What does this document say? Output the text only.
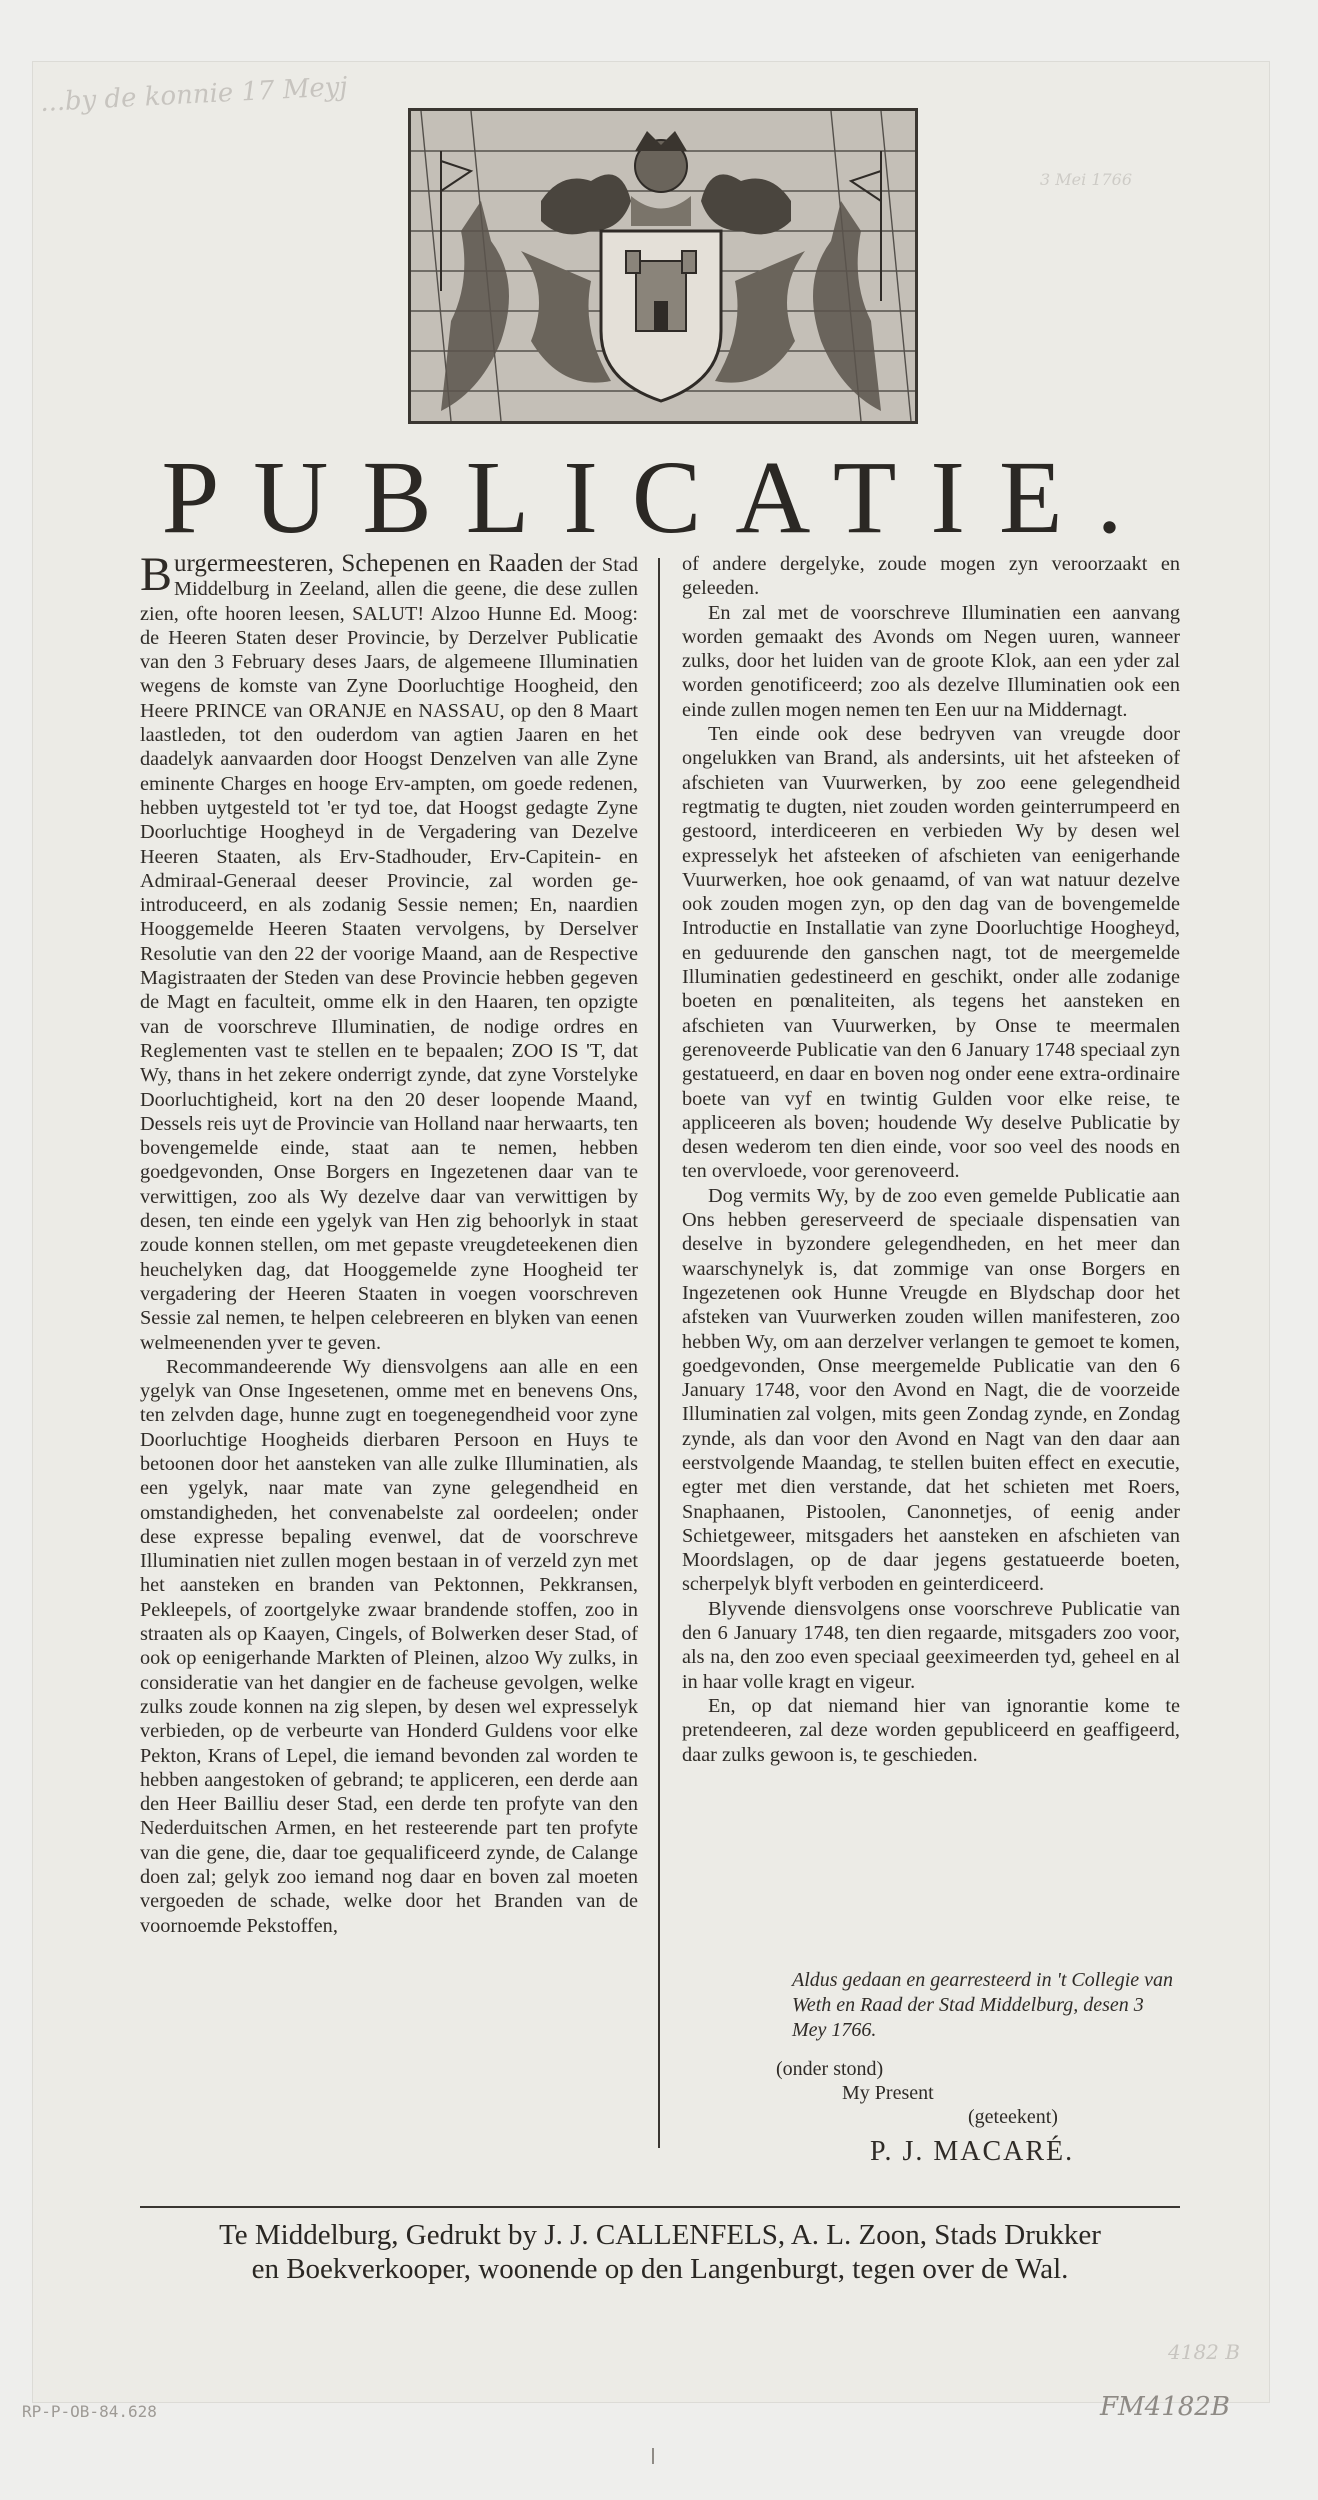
...by de konnie 17 Meyj
3 Mei 1766
PUBLICATIE.

Burgermeesteren, Schepenen en Raaden der Stad Middelburg in Zeeland, allen die geene, die dese zullen zien, ofte hooren leesen, SALUT! Alzoo Hunne Ed. Moog: de Heeren Staten deser Provincie, by Derzelver Publicatie van den 3 February deses Jaars, de algemeene Illuminatien wegens de komste van Zyne Doorluchtige Hoogheid, den Heere PRINCE van ORANJE en NASSAU, op den 8 Maart laastleden, tot den ouderdom van agtien Jaaren en het daadelyk aanvaarden door Hoogst Denzelven van alle Zyne eminente Charges en hooge Erv-ampten, om goede redenen, hebben uytgesteld tot 'er tyd toe, dat Hoogst gedagte Zyne Doorluchtige Hoogheyd in de Vergadering van Dezelve Heeren Staaten, als Erv-Stadhouder, Erv-Capitein- en Admiraal-Generaal deeser Provincie, zal worden ge-introduceerd, en als zodanig Sessie nemen; En, naardien Hooggemelde Heeren Staaten vervolgens, by Derselver Resolutie van den 22 der voorige Maand, aan de Respective Magistraaten der Steden van dese Provincie hebben gegeven de Magt en faculteit, omme elk in den Haaren, ten opzigte van de voorschreve Illuminatien, de nodige ordres en Reglementen vast te stellen en te bepaalen; ZOO IS 'T, dat Wy, thans in het zekere onderrigt zynde, dat zyne Vorstelyke Doorluchtigheid, kort na den 20 deser loopende Maand, Dessels reis uyt de Provincie van Holland naar herwaarts, ten bovengemelde einde, staat aan te nemen, hebben goedgevonden, Onse Borgers en Ingezetenen daar van te verwittigen, zoo als Wy dezelve daar van verwittigen by desen, ten einde een ygelyk van Hen zig behoorlyk in staat zoude konnen stellen, om met gepaste vreugdeteekenen dien heuchelyken dag, dat Hooggemelde zyne Hoogheid ter vergadering der Heeren Staaten in voegen voorschreven Sessie zal nemen, te helpen celebreeren en blyken van eenen welmeenenden yver te geven.

Recommandeerende Wy diensvolgens aan alle en een ygelyk van Onse Ingesetenen, omme met en benevens Ons, ten zelvden dage, hunne zugt en toegenegendheid voor zyne Doorluchtige Hoogheids dierbaren Persoon en Huys te betoonen door het aansteken van alle zulke Illuminatien, als een ygelyk, naar mate van zyne gelegendheid en omstandigheden, het convenabelste zal oordeelen; onder dese expresse bepaling evenwel, dat de voorschreve Illuminatien niet zullen mogen bestaan in of verzeld zyn met het aansteken en branden van Pektonnen, Pekkransen, Pekleepels, of zoortgelyke zwaar brandende stoffen, zoo in straaten als op Kaayen, Cingels, of Bolwerken deser Stad, of ook op eenigerhande Markten of Pleinen, alzoo Wy zulks, in consideratie van het dangier en de facheuse gevolgen, welke zulks zoude konnen na zig slepen, by desen wel expresselyk verbieden, op de verbeurte van Honderd Guldens voor elke Pekton, Krans of Lepel, die iemand bevonden zal worden te hebben aangestoken of gebrand; te appliceren, een derde aan den Heer Bailliu deser Stad, een derde ten profyte van den Nederduitschen Armen, en het resteerende part ten profyte van die gene, die, daar toe gequalificeerd zynde, de Calange doen zal; gelyk zoo iemand nog daar en boven zal moeten vergoeden de schade, welke door het Branden van de voornoemde Pekstoffen,

of andere dergelyke, zoude mogen zyn veroorzaakt en geleeden.

En zal met de voorschreve Illuminatien een aanvang worden gemaakt des Avonds om Negen uuren, wanneer zulks, door het luiden van de groote Klok, aan een yder zal worden genotificeerd; zoo als dezelve Illuminatien ook een einde zullen mogen nemen ten Een uur na Middernagt.

Ten einde ook dese bedryven van vreugde door ongelukken van Brand, als andersints, uit het afsteeken of afschieten van Vuurwerken, by zoo eene gelegendheid regtmatig te dugten, niet zouden worden geinterrumpeerd en gestoord, interdiceeren en verbieden Wy by desen wel expresselyk het afsteeken of afschieten van eenigerhande Vuurwerken, hoe ook genaamd, of van wat natuur dezelve ook zouden mogen zyn, op den dag van de bovengemelde Introductie en Installatie van zyne Doorluchtige Hoogheyd, en geduurende den ganschen nagt, tot de meergemelde Illuminatien gedestineerd en geschikt, onder alle zodanige boeten en pœnaliteiten, als tegens het aansteken en afschieten van Vuurwerken, by Onse te meermalen gerenoveerde Publicatie van den 6 January 1748 speciaal zyn gestatueerd, en daar en boven nog onder eene extra-ordinaire boete van vyf en twintig Gulden voor elke reise, te appliceeren als boven; houdende Wy deselve Publicatie by desen wederom ten dien einde, voor soo veel des noods en ten overvloede, voor gerenoveerd.

Dog vermits Wy, by de zoo even gemelde Publicatie aan Ons hebben gereserveerd de speciaale dispensatien van deselve in byzondere gelegendheden, en het meer dan waarschynelyk is, dat zommige van onse Borgers en Ingezetenen ook Hunne Vreugde en Blydschap door het afsteken van Vuurwerken zouden willen manifesteren, zoo hebben Wy, om aan derzelver verlangen te gemoet te komen, goedgevonden, Onse meergemelde Publicatie van den 6 January 1748, voor den Avond en Nagt, die de voorzeide Illuminatien zal volgen, mits geen Zondag zynde, en Zondag zynde, als dan voor den Avond en Nagt van den daar aan eerstvolgende Maandag, te stellen buiten effect en executie, egter met dien verstande, dat het schieten met Roers, Snaphaanen, Pistoolen, Canonnetjes, of eenig ander Schietgeweer, mitsgaders het aansteken en afschieten van Moordslagen, op de daar jegens gestatueerde boeten, scherpelyk blyft verboden en geinterdiceerd.

Blyvende diensvolgens onse voorschreve Publicatie van den 6 January 1748, ten dien regaarde, mitsgaders zoo voor, als na, den zoo even speciaal geeximeerden tyd, geheel en al in haar volle kragt en vigeur.

En, op dat niemand hier van ignorantie kome te pretendeeren, zal deze worden gepubliceerd en geaffigeerd, daar zulks gewoon is, te geschieden.

Aldus gedaan en gearresteerd in 't Collegie van Weth en Raad der Stad Middelburg, desen 3 Mey 1766.
(onder stond)
My Present
(geteekent)
P. J. MACARÉ.
Te Middelburg, Gedrukt by J. J. CALLENFELS, A. L. Zoon, Stads Drukker
en Boekverkooper, woonende op den Langenburgt, tegen over de Wal.
4182 B
RP-P-OB-84.628	FM4182B
